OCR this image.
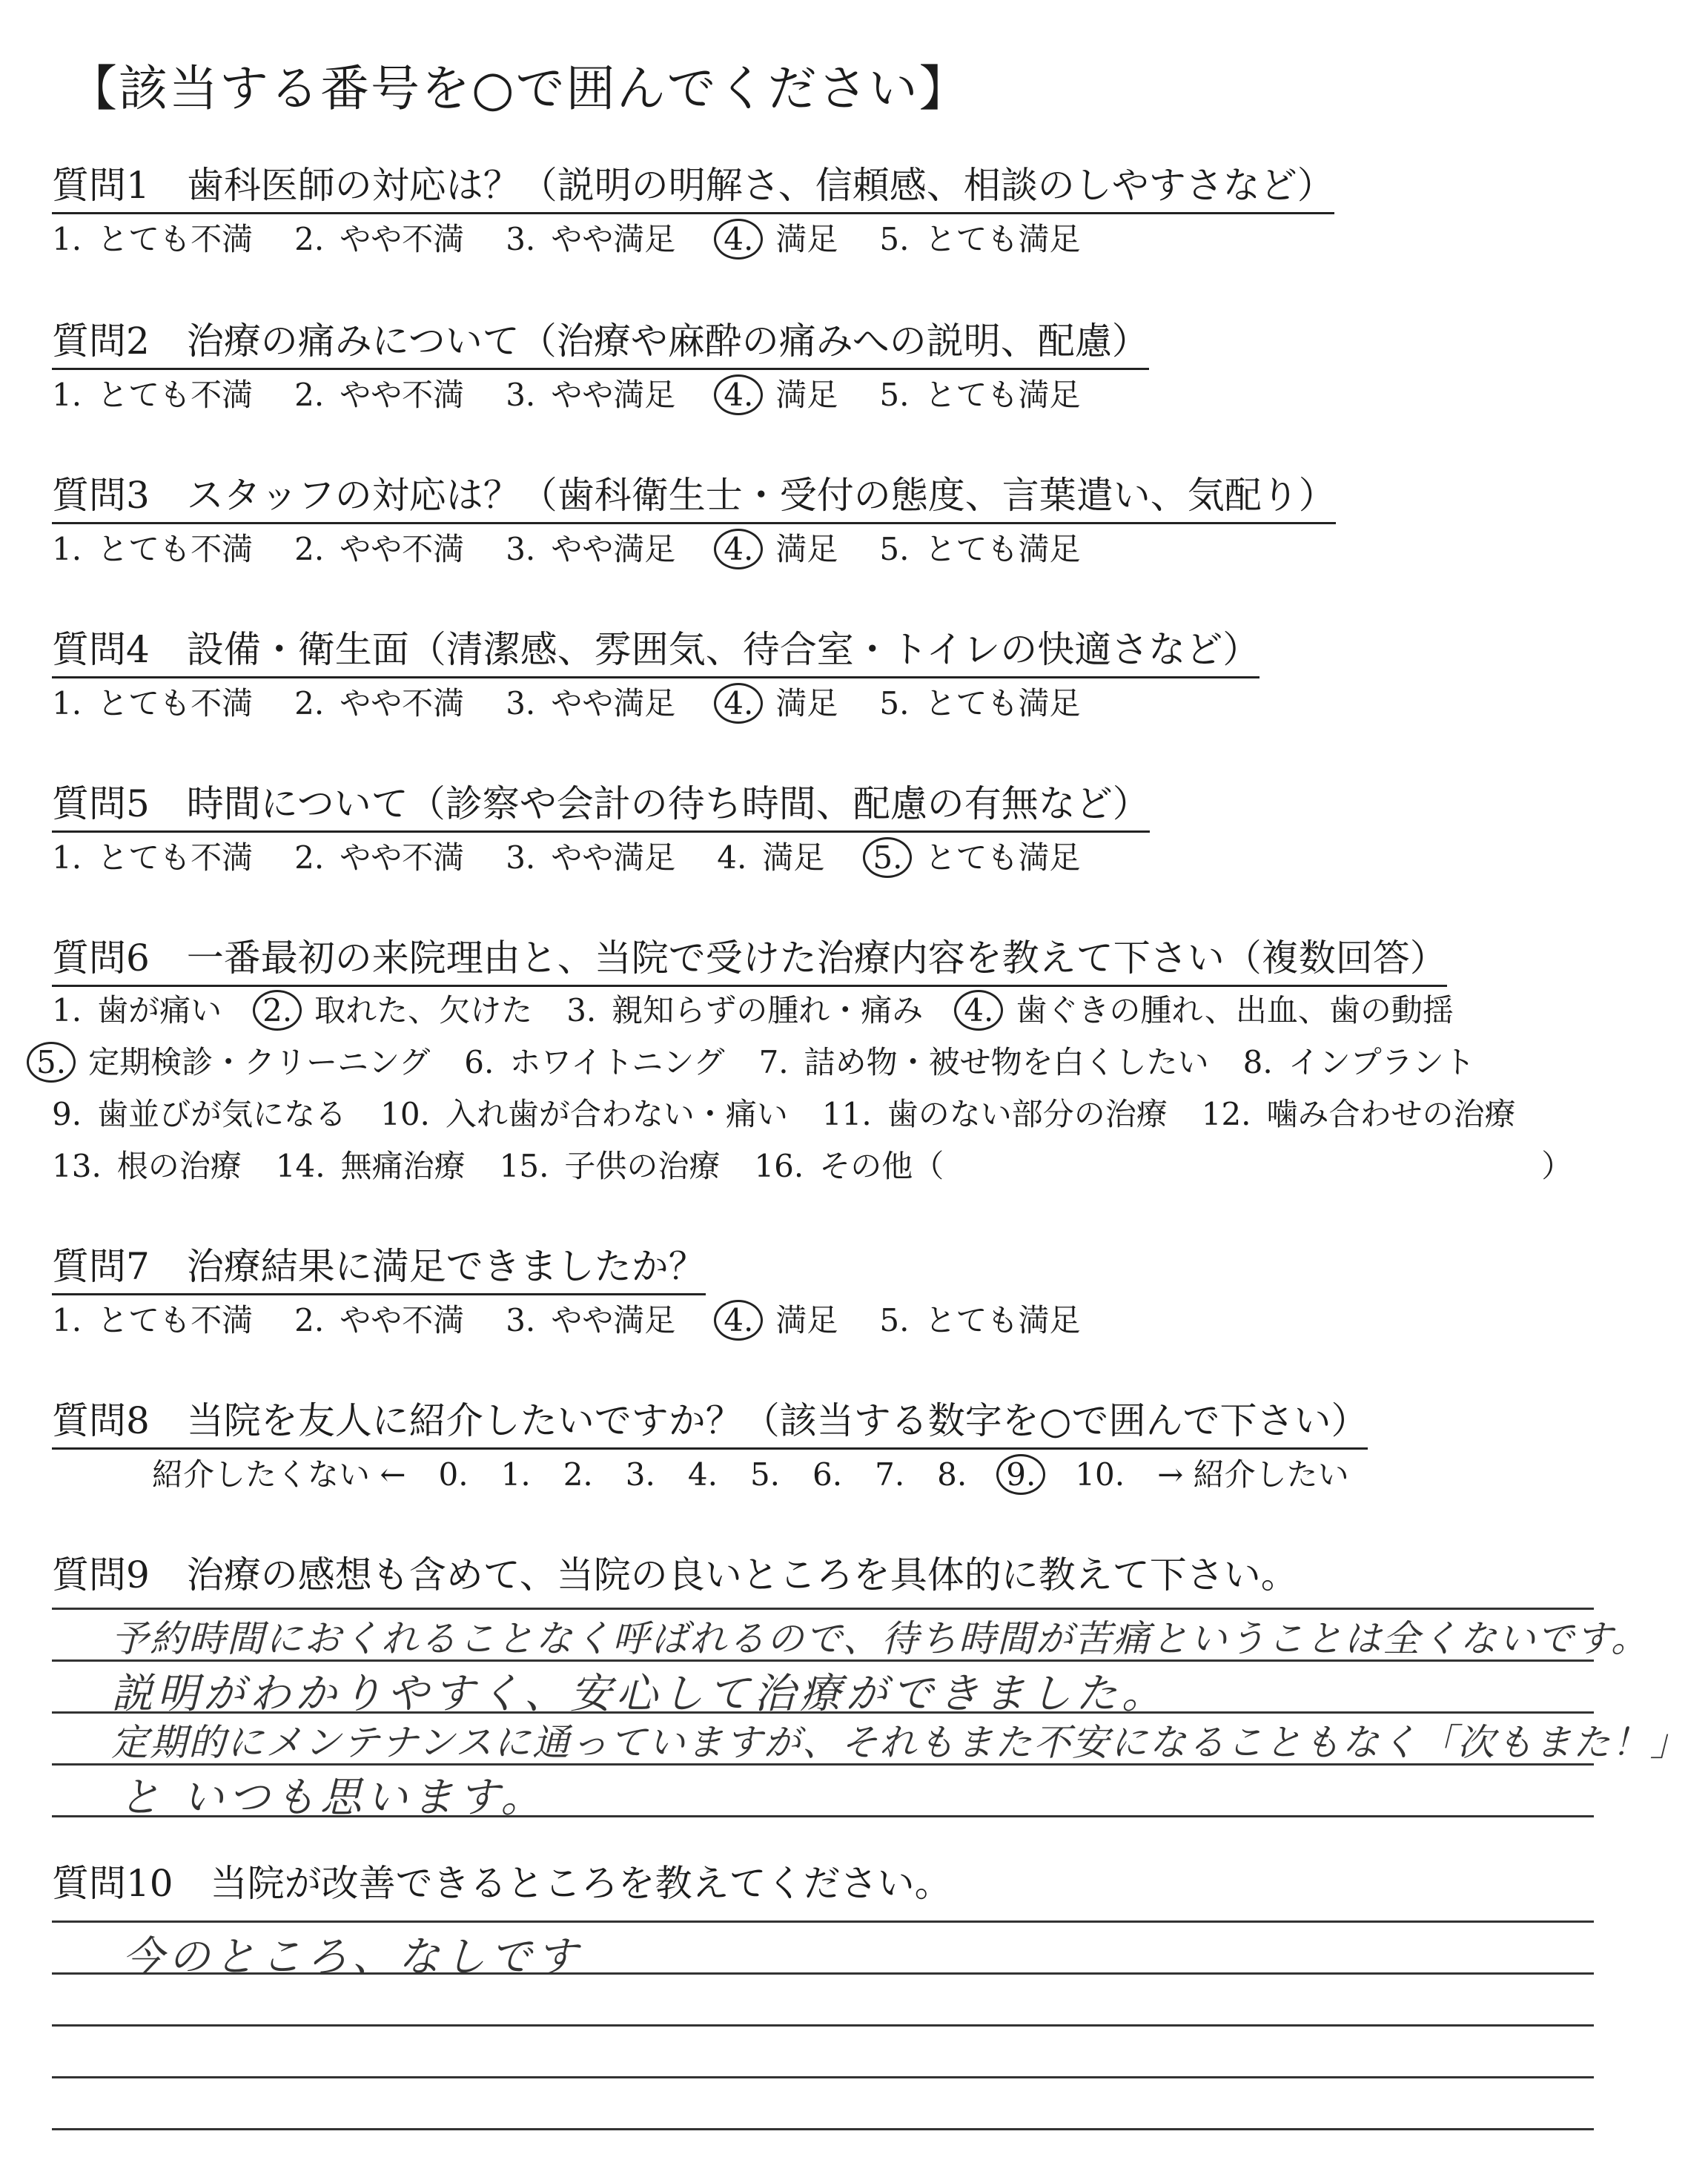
【該当する番号を○で囲んでください】
質問1　歯科医師の対応は？（説明の明解さ、信頼感、相談のしやすさなど）
1. とても不満 2. やや不満 3. やや満足 4. 満足 5. とても満足
質問2　治療の痛みについて（治療や麻酔の痛みへの説明、配慮）
1. とても不満 2. やや不満 3. やや満足 4. 満足 5. とても満足
質問3　スタッフの対応は？（歯科衛生士・受付の態度、言葉遣い、気配り）
1. とても不満 2. やや不満 3. やや満足 4. 満足 5. とても満足
質問4　設備・衛生面（清潔感、雰囲気、待合室・トイレの快適さなど）
1. とても不満 2. やや不満 3. やや満足 4. 満足 5. とても満足
質問5　時間について（診察や会計の待ち時間、配慮の有無など）
1. とても不満 2. やや不満 3. やや満足 4. 満足 5. とても満足
質問6　一番最初の来院理由と、当院で受けた治療内容を教えて下さい（複数回答）
1. 歯が痛い 2. 取れた、欠けた 3. 親知らずの腫れ・痛み 4. 歯ぐきの腫れ、出血、歯の動揺
5. 定期検診・クリーニング 6. ホワイトニング 7. 詰め物・被せ物を白くしたい 8. インプラント
9. 歯並びが気になる 10. 入れ歯が合わない・痛い 11. 歯のない部分の治療 12. 噛み合わせの治療
13. 根の治療 14. 無痛治療 15. 子供の治療 16. その他（	）
質問7　治療結果に満足できましたか？
1. とても不満 2. やや不満 3. やや満足 4. 満足 5. とても満足
質問8　当院を友人に紹介したいですか？（該当する数字を○で囲んで下さい）
紹介したくない ← 0. 1. 2. 3. 4. 5. 6. 7. 8. 9. 10. → 紹介したい
質問9　治療の感想も含めて、当院の良いところを具体的に教えて下さい。
予約時間におくれることなく呼ばれるので、待ち時間が苦痛ということは全くないです。
説明がわかりやすく、安心して治療ができました。
定期的にメンテナンスに通っていますが、それもまた不安になることもなく「次もまた！」
と いつも思います。
質問10　当院が改善できるところを教えてください。
今のところ、なしです
